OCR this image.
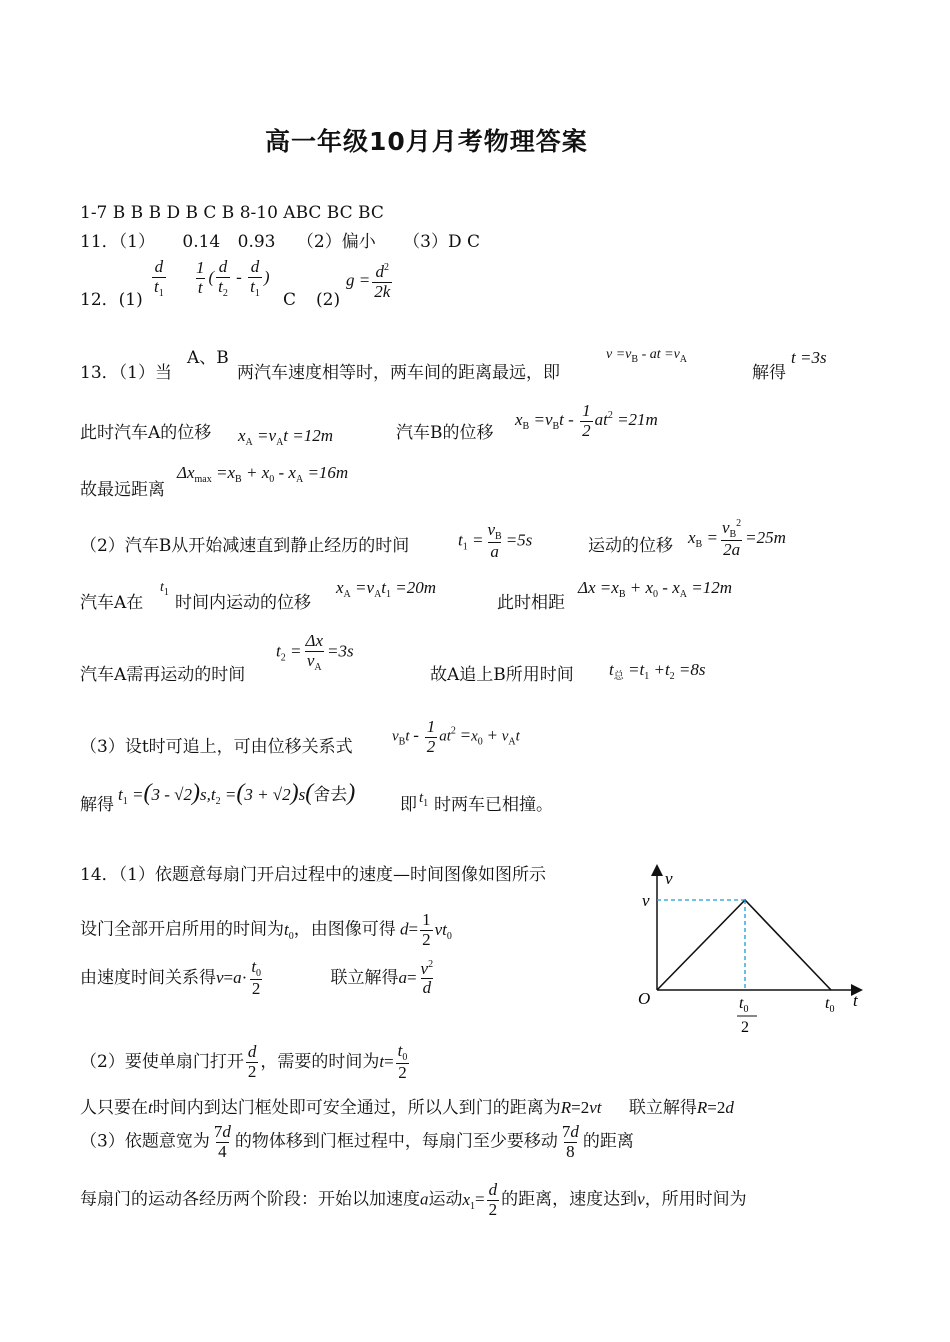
高一年级10月月考物理答案
1-7 B B B D B C B 8-10 ABC BC BC
11．（1） 0.14 0.93 （2）偏小 （3）D C
12．(1)
$\frac{d}{t_1} \frac{1}{t}$ ( $\frac{d}{t_2} - \frac{d}{t_1}$ )
C (2)
$g = \frac{d^2}{2k}$
13．（1）当
A、B
两汽车速度相等时，两车间的距离最远，即
$v =v_B$ - at $=v_A$
解得
t =3s
此时汽车A的位移 $x_A =v_At =12m$	汽车B的位移
$x_B =v_Bt - \frac{1}{2} at^2 =21m$
$\Delta x_{max} =x_B + x_0 - x_A =16m$
故最远距离
（2）汽车B从开始减速直到静止经历的时间	$t_1 = \frac{v_B}{a} =5s$	运动的位移 $x_B = \frac{v_B^2}{2a} =25m$
汽车A在
$t_1$
时间内运动的位移
$x_A =v_At_1 =20m$
此时相距
$\Delta x =x_B + x_0 - x_A =12m$
汽车A需再运动的时间
$t_2 = \frac{\Delta x}{v_A} =3s$
故A追上B所用时间 $t_总 =t_1 +t_2 =8s$
（3）设t时可追上，可由位移关系式
$v_Bt - \frac{1}{2} at^2 =x_0 + v_At$
解得
$t_1 =(3 - √2)s,t_2 =(3 + √2)s$(舍去)	即 $t_1$ 时两车已相撞。
14．（1）依题意每扇门开启过程中的速度—时间图像如图所示
设门全部开启所用的时间为$t_0$，由图像可得 $d= \frac{1}{2} vt_0$
由速度时间关系得$v=a\cdot \frac{t_0}{2}$	联立解得$a= \frac{v^2}{d}$
（2）要使单扇门打开 $\frac{d}{2}$ ，需要的时间为$t= \frac{t_0}{2}$
人只要在t时间内到达门框处即可安全通过，所以人到门的距离为R=2vt 联立解得R=2d
（3）依题意宽为 $\frac{7d}{4}$ 的物体移到门框过程中，每扇门至少要移动 $\frac{7d}{8}$ 的距离
每扇门的运动各经历两个阶段：开始以加速度a运动$x_1= \frac{d}{2}$ 的距离，速度达到v，所用时间为
v
v
O	t
$t_0$
$t_0$
2
